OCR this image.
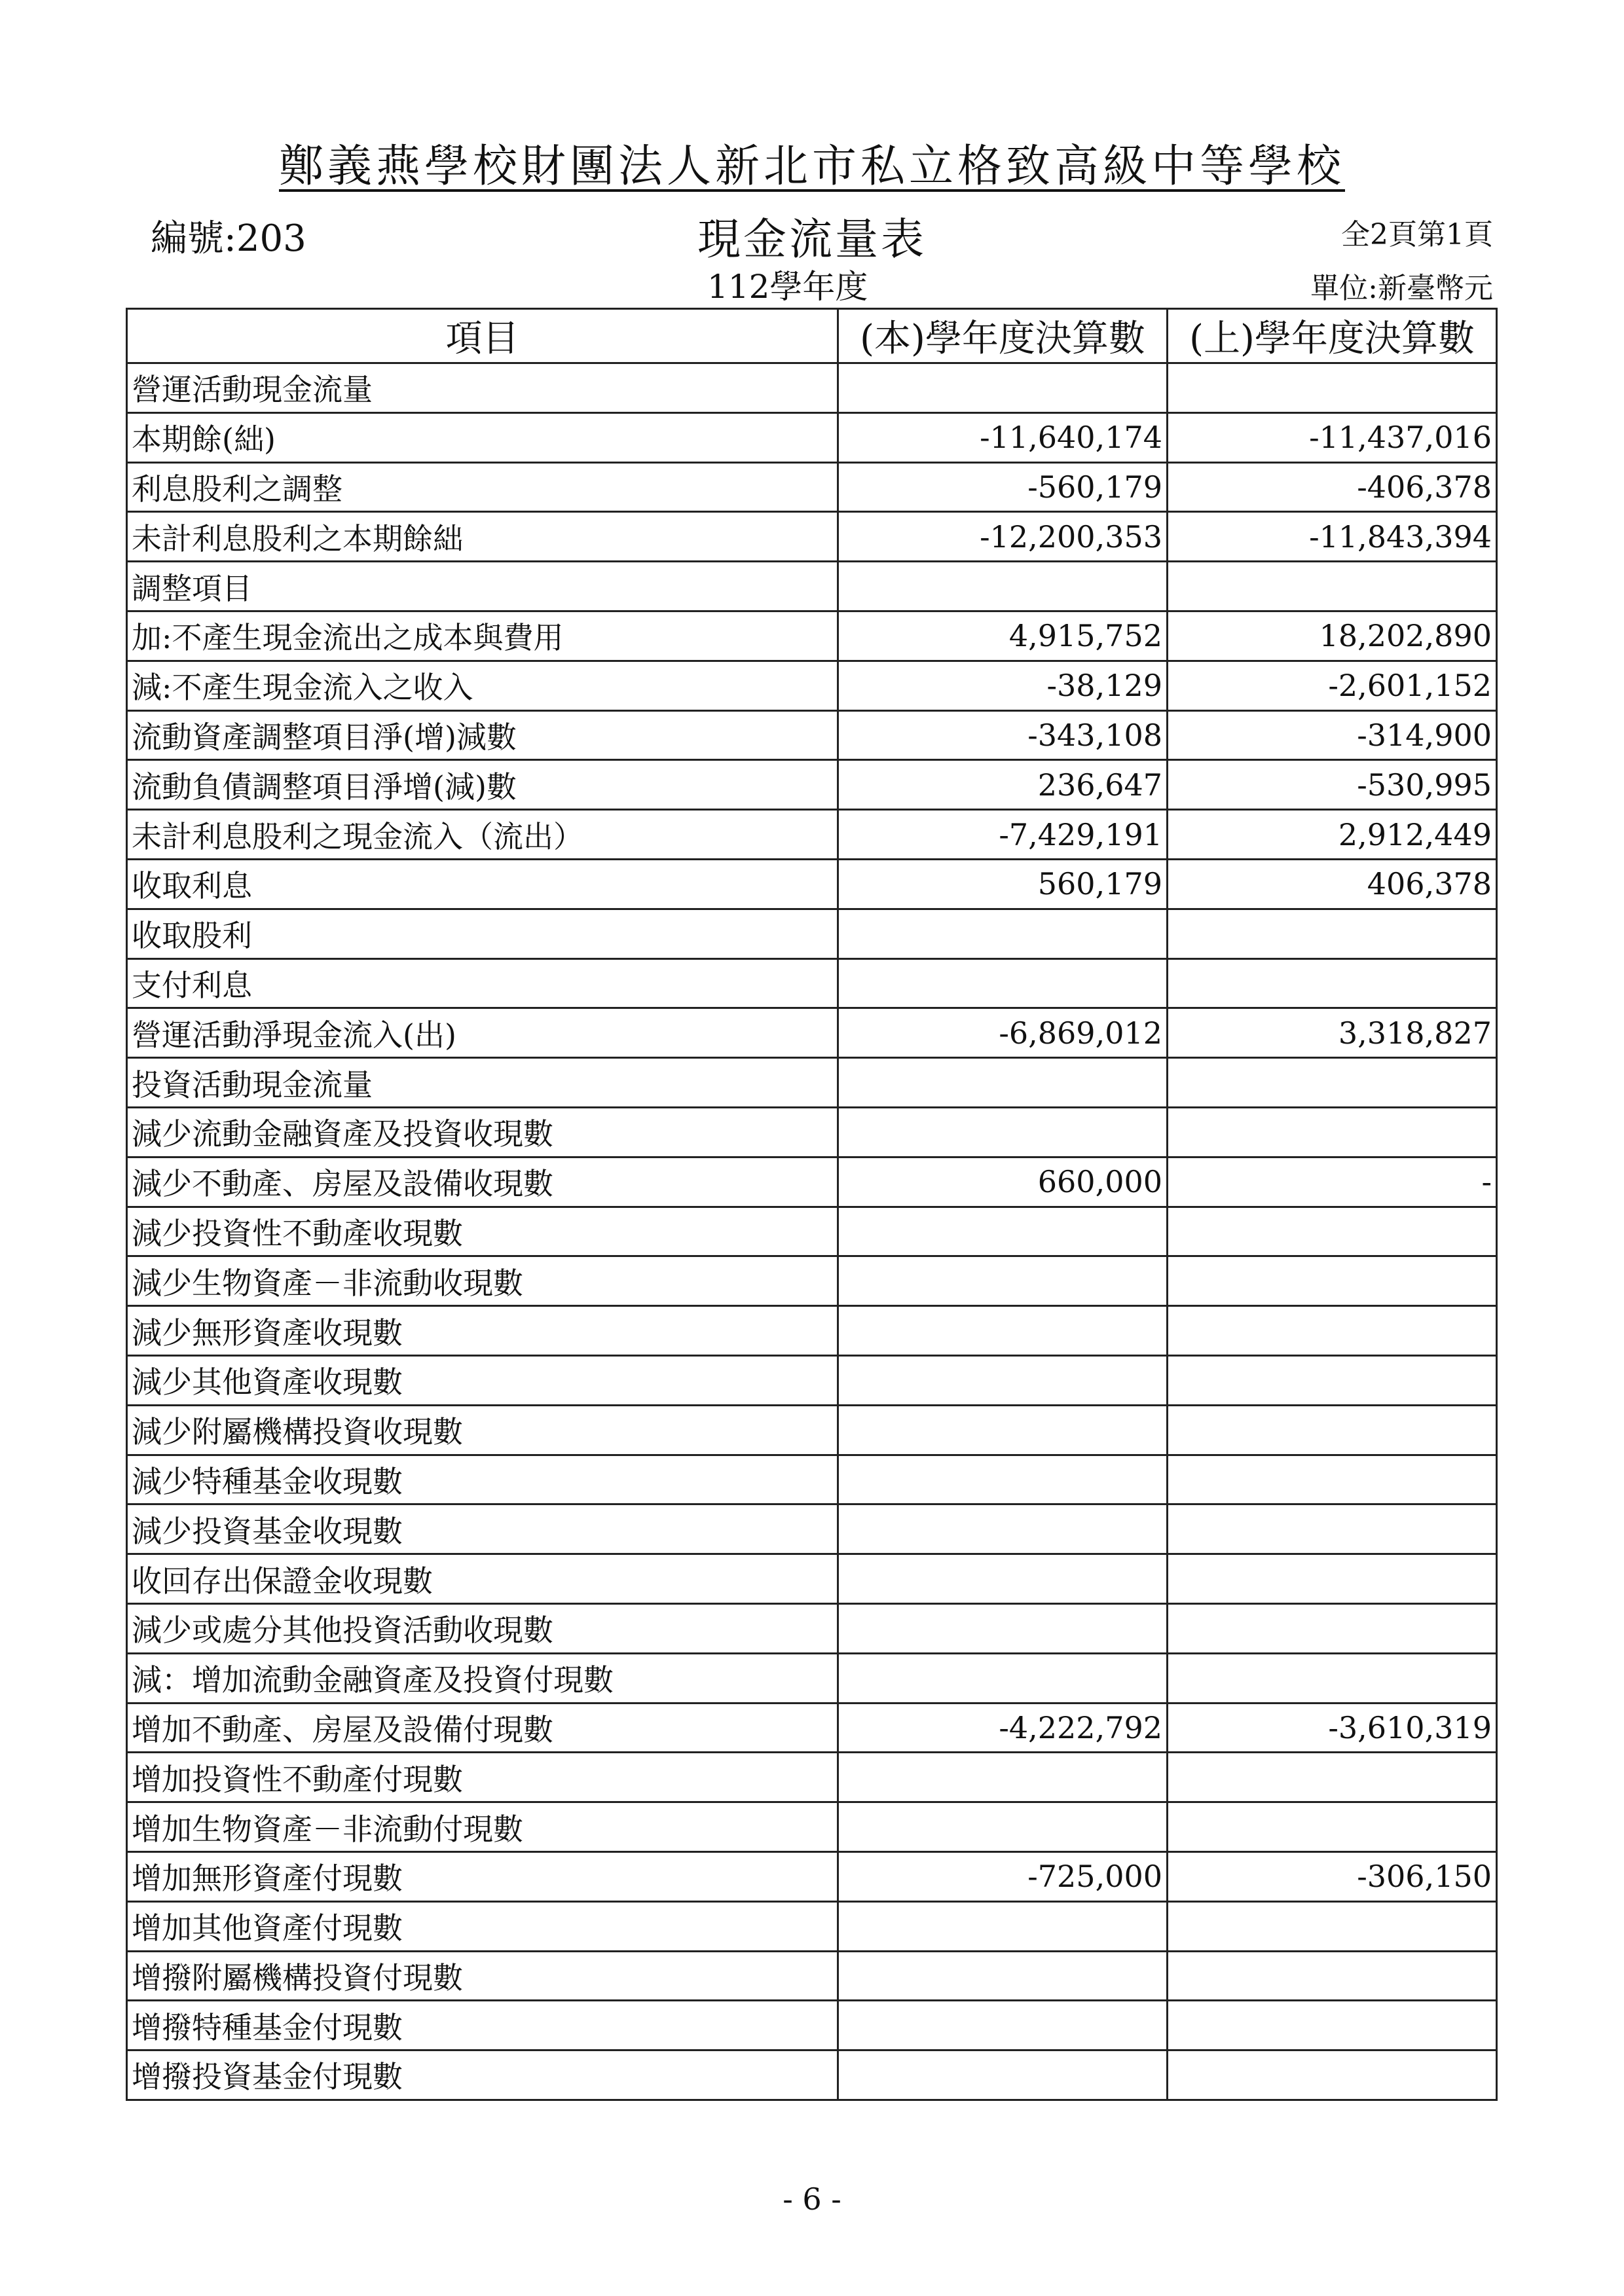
鄭義燕學校財團法人新北市私立格致高級中等學校
編號:203	現金流量表	全2頁第1頁
112學年度	單位:新臺幣元
項目	(本)學年度決算數	(上)學年度決算數
營運活動現金流量		
本期餘(絀)	-11,640,174	-11,437,016
利息股利之調整	-560,179	-406,378
未計利息股利之本期餘絀	-12,200,353	-11,843,394
調整項目		
加:不產生現金流出之成本與費用	4,915,752	18,202,890
減:不產生現金流入之收入	-38,129	-2,601,152
流動資產調整項目淨(增)減數	-343,108	-314,900
流動負債調整項目淨增(減)數	236,647	-530,995
未計利息股利之現金流入（流出）	-7,429,191	2,912,449
收取利息	560,179	406,378
收取股利		
支付利息		
營運活動淨現金流入(出)	-6,869,012	3,318,827
投資活動現金流量		
減少流動金融資產及投資收現數		
減少不動產、房屋及設備收現數	660,000	-
減少投資性不動產收現數		
減少生物資產－非流動收現數		
減少無形資產收現數		
減少其他資產收現數		
減少附屬機構投資收現數		
減少特種基金收現數		
減少投資基金收現數		
收回存出保證金收現數		
減少或處分其他投資活動收現數		
減：增加流動金融資產及投資付現數		
增加不動產、房屋及設備付現數	-4,222,792	-3,610,319
增加投資性不動產付現數		
增加生物資產－非流動付現數		
增加無形資產付現數	-725,000	-306,150
增加其他資產付現數		
增撥附屬機構投資付現數		
增撥特種基金付現數		
增撥投資基金付現數		
- 6 -
